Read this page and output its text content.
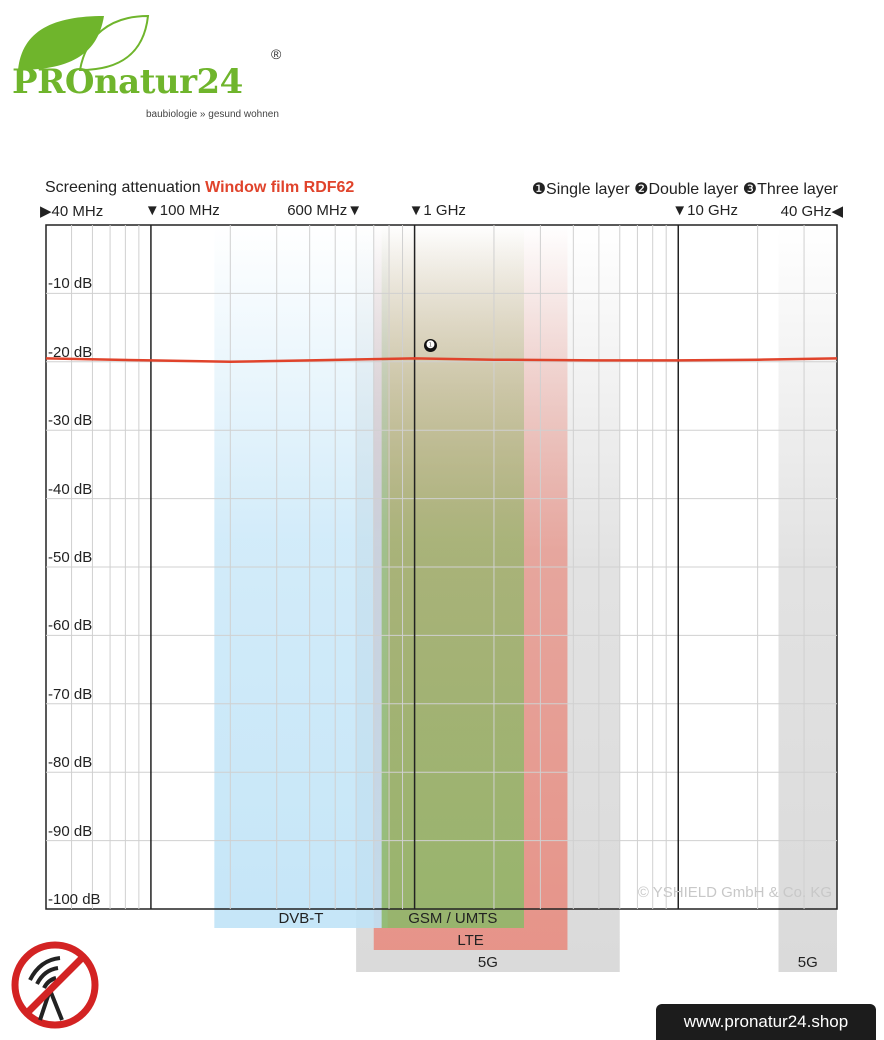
PROnatur24
®
baubiologie » gesund wohnen
Screening attenuation Window film RDF62	❶Single layer ❷Double layer ❸Three layer
▶40 MHz	▼100 MHz	600 MHz▼	▼1 GHz	▼10 GHz	40 GHz◀
-10 dB
-20 dB
-30 dB
-40 dB
-50 dB
-60 dB
-70 dB
-80 dB
-90 dB
-100 dB
DVB-T	GSM / UMTS
LTE
5G	5G
❶
© YSHIELD GmbH & Co. KG
www.pronatur24.shop
